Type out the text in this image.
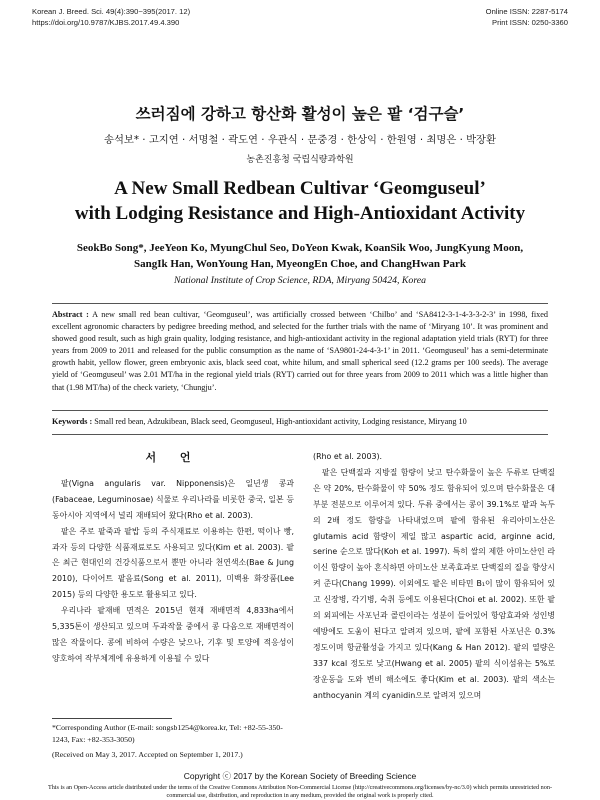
Korean J. Breed. Sci. 49(4):390~395(2017. 12)
https://doi.org/10.9787/KJBS.2017.49.4.390
Online ISSN: 2287-5174
Print ISSN: 0250-3360
쓰러짐에 강하고 항산화 활성이 높은 팥 ‘검구슬’
송석보* · 고지연 · 서명철 · 곽도연 · 우관식 · 문중경 · 한상익 · 한원영 · 최명은 · 박장환
농촌진흥청 국립식량과학원
A New Small Redbean Cultivar ‘Geomguseul’
with Lodging Resistance and High-Antioxidant Activity
SeokBo Song*, JeeYeon Ko, MyungChul Seo, DoYeon Kwak, KoanSik Woo, JungKyung Moon,
SangIk Han, WonYoung Han, MyeongEn Choe, and ChangHwan Park
National Institute of Crop Science, RDA, Miryang 50424, Korea
Abstract : A new small red bean cultivar, ‘Geomguseul’, was artificially crossed between ‘Chilbo’ and ‘SA8412-3-1-4-3-3-2-3’ in 1998, fixed excellent agronomic characters by pedigree breeding method, and selected for the further trials with the name of ‘Miryang 10’. It was prominent and showed good result, such as high grain quality, lodging resistance, and high-antioxidant activity in the regional adaptation yield trials (RYT) for three years from 2009 to 2011 and released for the public consumption as the name of ‘SA9801-24-4-3-1’ in 2011. ‘Geomguseul’ has a semi-determinate growth habit, yellow flower, green embryonic axis, black seed coat, white hilum, and small spherical seed (12.2 grams per 100 seeds). The average yield of ‘Geomguseul’ was 2.01 MT/ha in the regional yield trials (RYT) carried out for three years from 2009 to 2011 which was a little higher than that (1.98 MT/ha) of the check variety, ‘Chungju’.
Keywords : Small red bean, Adzukibean, Black seed, Geomguseul, High-antioxidant activity, Lodging resistance, Miryang 10
서 언

팥(Vigna angularis var. Nipponensis)은 일년생 콩과(Fabaceae, Leguminosae) 식물로 우리나라를 비롯한 중국, 일본 등 동아시아 지역에서 널리 재배되어 왔다(Rho et al. 2003).

팥은 주로 팥죽과 팥밥 등의 주식재료로 이용하는 한편, 떡이나 빵, 과자 등의 다양한 식품재료로도 사용되고 있다(Kim et al. 2003). 팥은 최근 현대인의 건강식품으로서 뿐만 아니라 천연색소(Bae & Jung 2010), 다이어트 팥음료(Song et al. 2011), 미백용 화장품(Lee 2015) 등의 다양한 용도로 활용되고 있다.

우리나라 팥재배 면적은 2015년 현재 재배면적 4,833ha에서 5,335톤이 생산되고 있으며 두과작물 중에서 콩 다음으로 재배면적이 많은 작물이다. 콩에 비하여 수량은 낮으나, 기후 및 토양에 적응성이 양호하여 작부체계에 유용하게 이용될 수 있다

(Rho et al. 2003).

팥은 단백질과 지방질 함량이 낮고 탄수화물이 높은 두류로 단백질은 약 20%, 탄수화물이 약 50% 정도 함유되어 있으며 탄수화물은 대부분 전분으로 이루어져 있다. 두류 중에서는 콩이 39.1%로 팥과 녹두의 2배 정도 함량을 나타내었으며 팥에 함유된 유리아미노산은 glutamis acid 함량이 제일 많고 aspartic acid, arginne acid, serine 순으로 많다(Koh et al. 1997). 특히 쌀의 제한 아미노산인 라이신 함량이 높아 혼식하면 아미노산 보족효과로 단백질의 질을 향상시켜 준다(Chang 1999). 이외에도 팥은 비타민 B₁이 많이 함유되어 있고 신장병, 각기병, 숙취 등에도 이용된다(Choi et al. 2002). 또한 팥의 외피에는 사포닌과 콜린이라는 성분이 들어있어 항암효과와 성인병 예방에도 도움이 된다고 알려져 있으며, 팥에 포함된 사포닌은 0.3% 정도이며 항균활성을 가지고 있다(Kang & Han 2012). 팥의 열량은 337 kcal 정도로 낮고(Hwang et al. 2005) 팥의 식이섬유는 5%로 장운동을 도와 변비 해소에도 좋다(Kim et al. 2003). 팥의 색소는 anthocyanin 계의 cyanidin으로 알려져 있으며

*Corresponding Author (E-mail: songsb1254@korea.kr, Tel: +82-55-350-1243, Fax: +82-353-3050)
(Received on May 3, 2017. Accepted on September 1, 2017.)
Copyright ⓒ 2017 by the Korean Society of Breeding Science
This is an Open-Access article distributed under the terms of the Creative Commons Attribution Non-Commercial License (http://creativecommons.org/licenses/by-nc/3.0) which permits unrestricted non-commercial use, distribution, and reproduction in any medium, provided the original work is properly cited.
